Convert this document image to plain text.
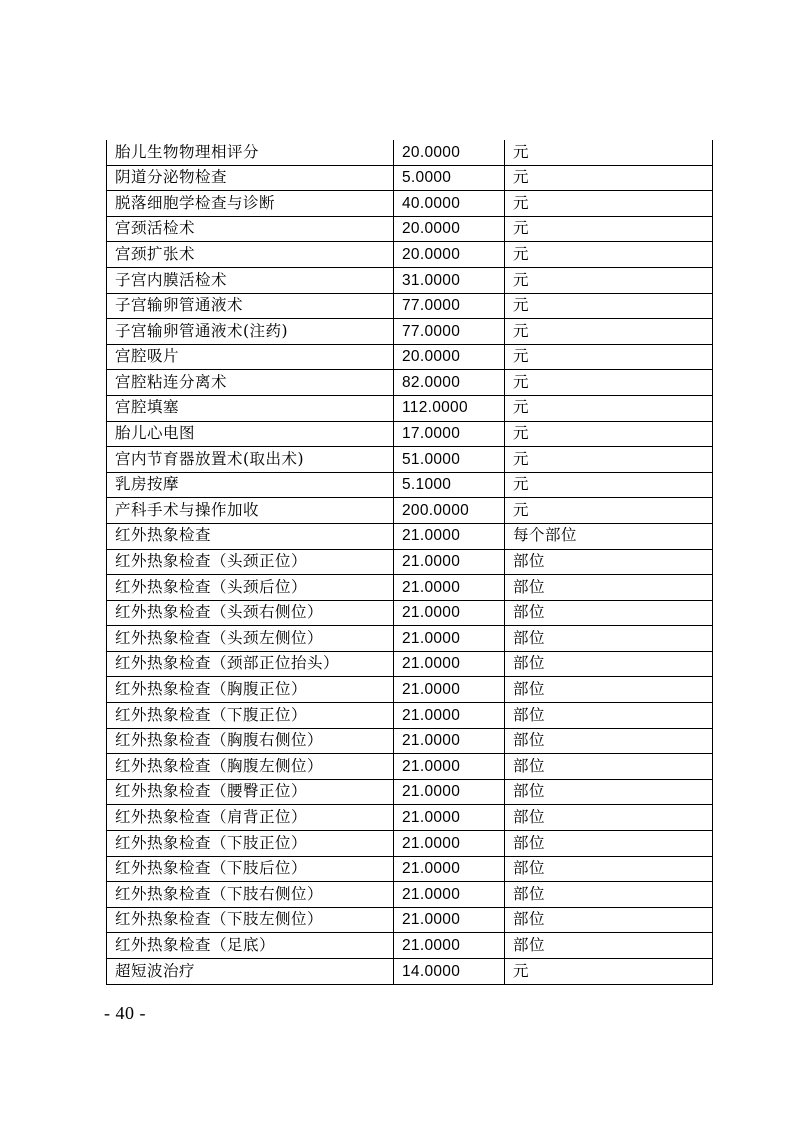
胎儿生物物理相评分	20.0000	元
阴道分泌物检查	5.0000	元
脱落细胞学检查与诊断	40.0000	元
宫颈活检术	20.0000	元
宫颈扩张术	20.0000	元
子宫内膜活检术	31.0000	元
子宫输卵管通液术	77.0000	元
子宫输卵管通液术(注药)	77.0000	元
宫腔吸片	20.0000	元
宫腔粘连分离术	82.0000	元
宫腔填塞	112.0000	元
胎儿心电图	17.0000	元
宫内节育器放置术(取出术)	51.0000	元
乳房按摩	5.1000	元
产科手术与操作加收	200.0000	元
红外热象检查	21.0000	每个部位
红外热象检查（头颈正位）	21.0000	部位
红外热象检查（头颈后位）	21.0000	部位
红外热象检查（头颈右侧位）	21.0000	部位
红外热象检查（头颈左侧位）	21.0000	部位
红外热象检查（颈部正位抬头）	21.0000	部位
红外热象检查（胸腹正位）	21.0000	部位
红外热象检查（下腹正位）	21.0000	部位
红外热象检查（胸腹右侧位）	21.0000	部位
红外热象检查（胸腹左侧位）	21.0000	部位
红外热象检查（腰臀正位）	21.0000	部位
红外热象检查（肩背正位）	21.0000	部位
红外热象检查（下肢正位）	21.0000	部位
红外热象检查（下肢后位）	21.0000	部位
红外热象检查（下肢右侧位）	21.0000	部位
红外热象检查（下肢左侧位）	21.0000	部位
红外热象检查（足底）	21.0000	部位
超短波治疗	14.0000	元
- 40 -
